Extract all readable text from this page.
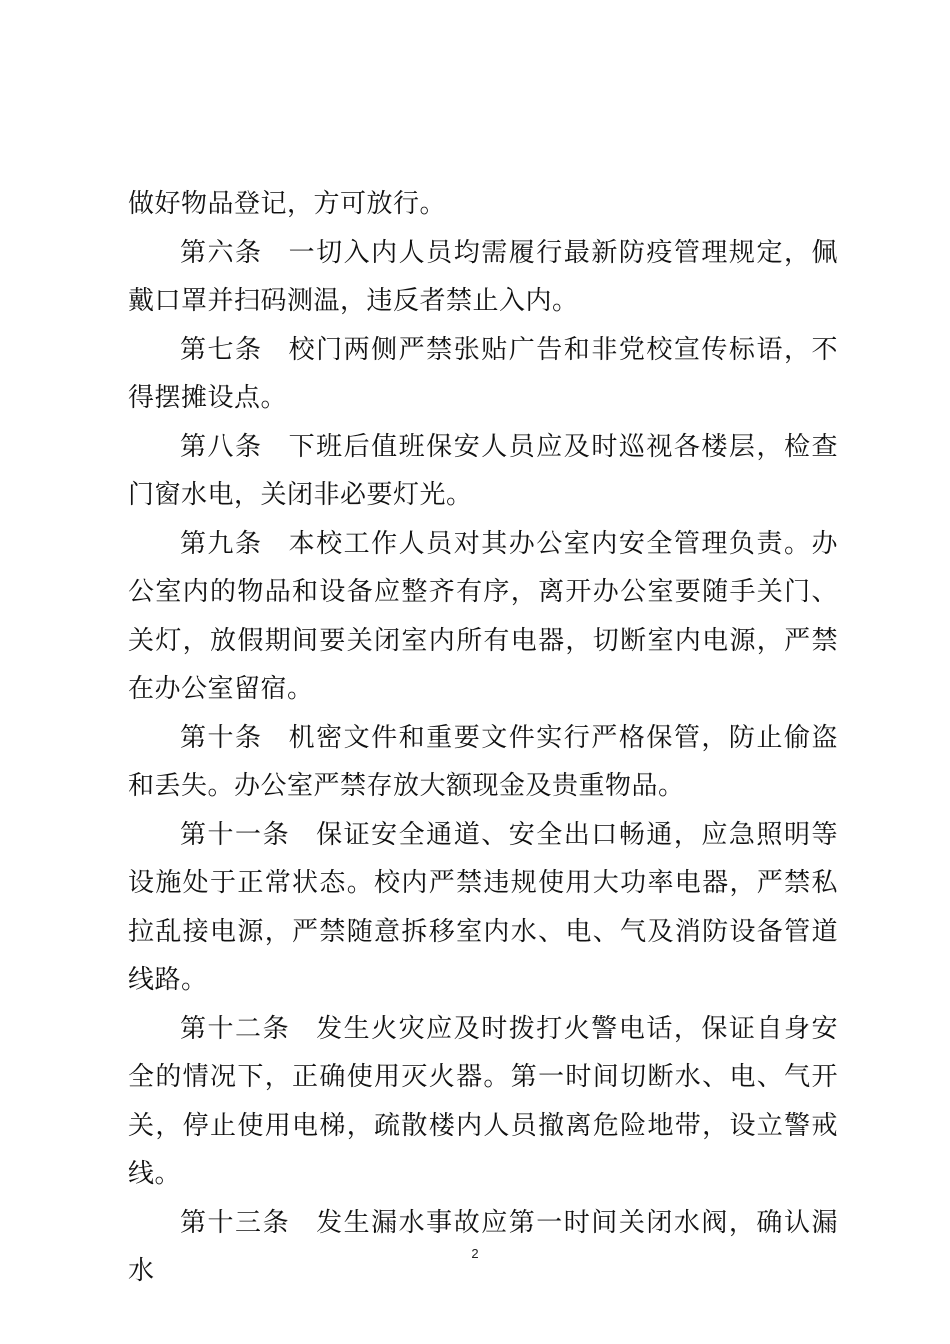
做好物品登记，方可放行。

第六条 一切入内人员均需履行最新防疫管理规定，佩戴口罩并扫码测温，违反者禁止入内。

第七条 校门两侧严禁张贴广告和非党校宣传标语，不得摆摊设点。

第八条 下班后值班保安人员应及时巡视各楼层，检查门窗水电，关闭非必要灯光。

第九条 本校工作人员对其办公室内安全管理负责。办公室内的物品和设备应整齐有序，离开办公室要随手关门、关灯，放假期间要关闭室内所有电器，切断室内电源，严禁在办公室留宿。

第十条 机密文件和重要文件实行严格保管，防止偷盗和丢失。办公室严禁存放大额现金及贵重物品。

第十一条 保证安全通道、安全出口畅通，应急照明等设施处于正常状态。校内严禁违规使用大功率电器，严禁私拉乱接电源，严禁随意拆移室内水、电、气及消防设备管道线路。

第十二条 发生火灾应及时拨打火警电话，保证自身安全的情况下，正确使用灭火器。第一时间切断水、电、气开关，停止使用电梯，疏散楼内人员撤离危险地带，设立警戒线。

第十三条 发生漏水事故应第一时间关闭水阀，确认漏水

2
